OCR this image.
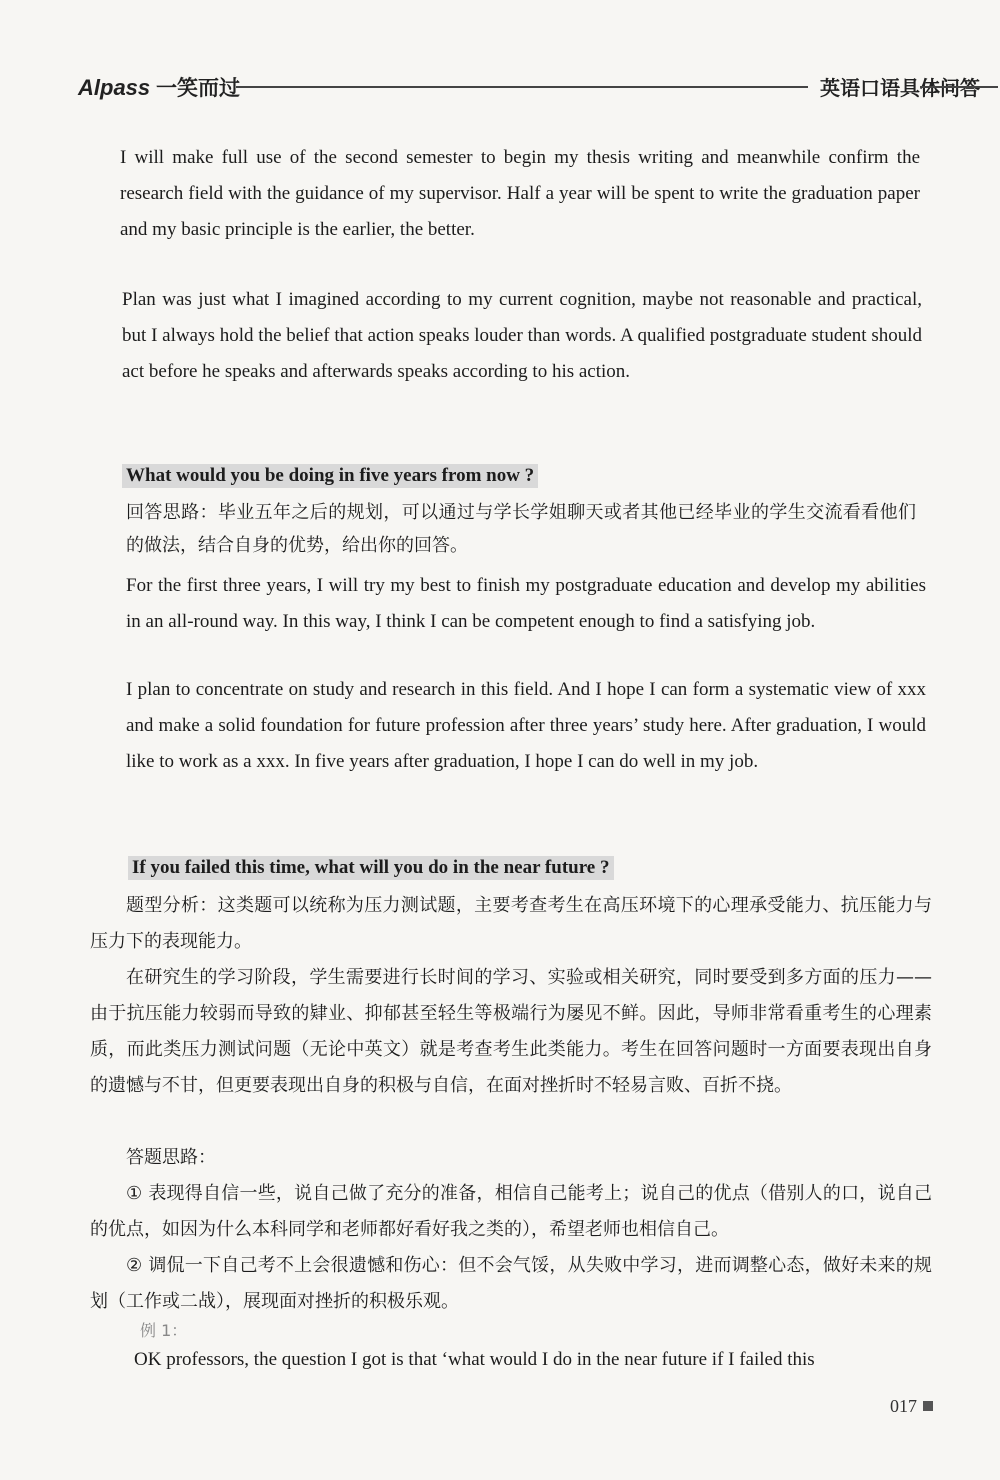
Alpass 一笑而过	英语口语具体问答

I will make full use of the second semester to begin my thesis writing and meanwhile confirm the research field with the guidance of my supervisor. Half a year will be spent to write the graduation paper and my basic principle is the earlier, the better.

Plan was just what I imagined according to my current cognition, maybe not reasonable and practical, but I always hold the belief that action speaks louder than words. A qualified postgraduate student should act before he speaks and afterwards speaks according to his action.

What would you be doing in five years from now ?

回答思路：毕业五年之后的规划，可以通过与学长学姐聊天或者其他已经毕业的学生交流看看他们的做法，结合自身的优势，给出你的回答。

For the first three years, I will try my best to finish my postgraduate education and develop my abilities in an all-round way. In this way, I think I can be competent enough to find a satisfying job.

I plan to concentrate on study and research in this field. And I hope I can form a systematic view of xxx and make a solid foundation for future profession after three years’ study here. After graduation, I would like to work as a xxx. In five years after graduation, I hope I can do well in my job.

If you failed this time, what will you do in the near future ?

题型分析：这类题可以统称为压力测试题，主要考查考生在高压环境下的心理承受能力、抗压能力与压力下的表现能力。

在研究生的学习阶段，学生需要进行长时间的学习、实验或相关研究，同时要受到多方面的压力——由于抗压能力较弱而导致的肄业、抑郁甚至轻生等极端行为屡见不鲜。因此，导师非常看重考生的心理素质，而此类压力测试问题（无论中英文）就是考查考生此类能力。考生在回答问题时一方面要表现出自身的遗憾与不甘，但更要表现出自身的积极与自信，在面对挫折时不轻易言败、百折不挠。

答题思路：

① 表现得自信一些，说自己做了充分的准备，相信自己能考上；说自己的优点（借别人的口，说自己的优点，如因为什么本科同学和老师都好看好我之类的），希望老师也相信自己。

② 调侃一下自己考不上会很遗憾和伤心：但不会气馁，从失败中学习，进而调整心态，做好未来的规划（工作或二战），展现面对挫折的积极乐观。

例 1：

OK professors, the question I got is that ‘what would I do in the near future if I failed this

017
